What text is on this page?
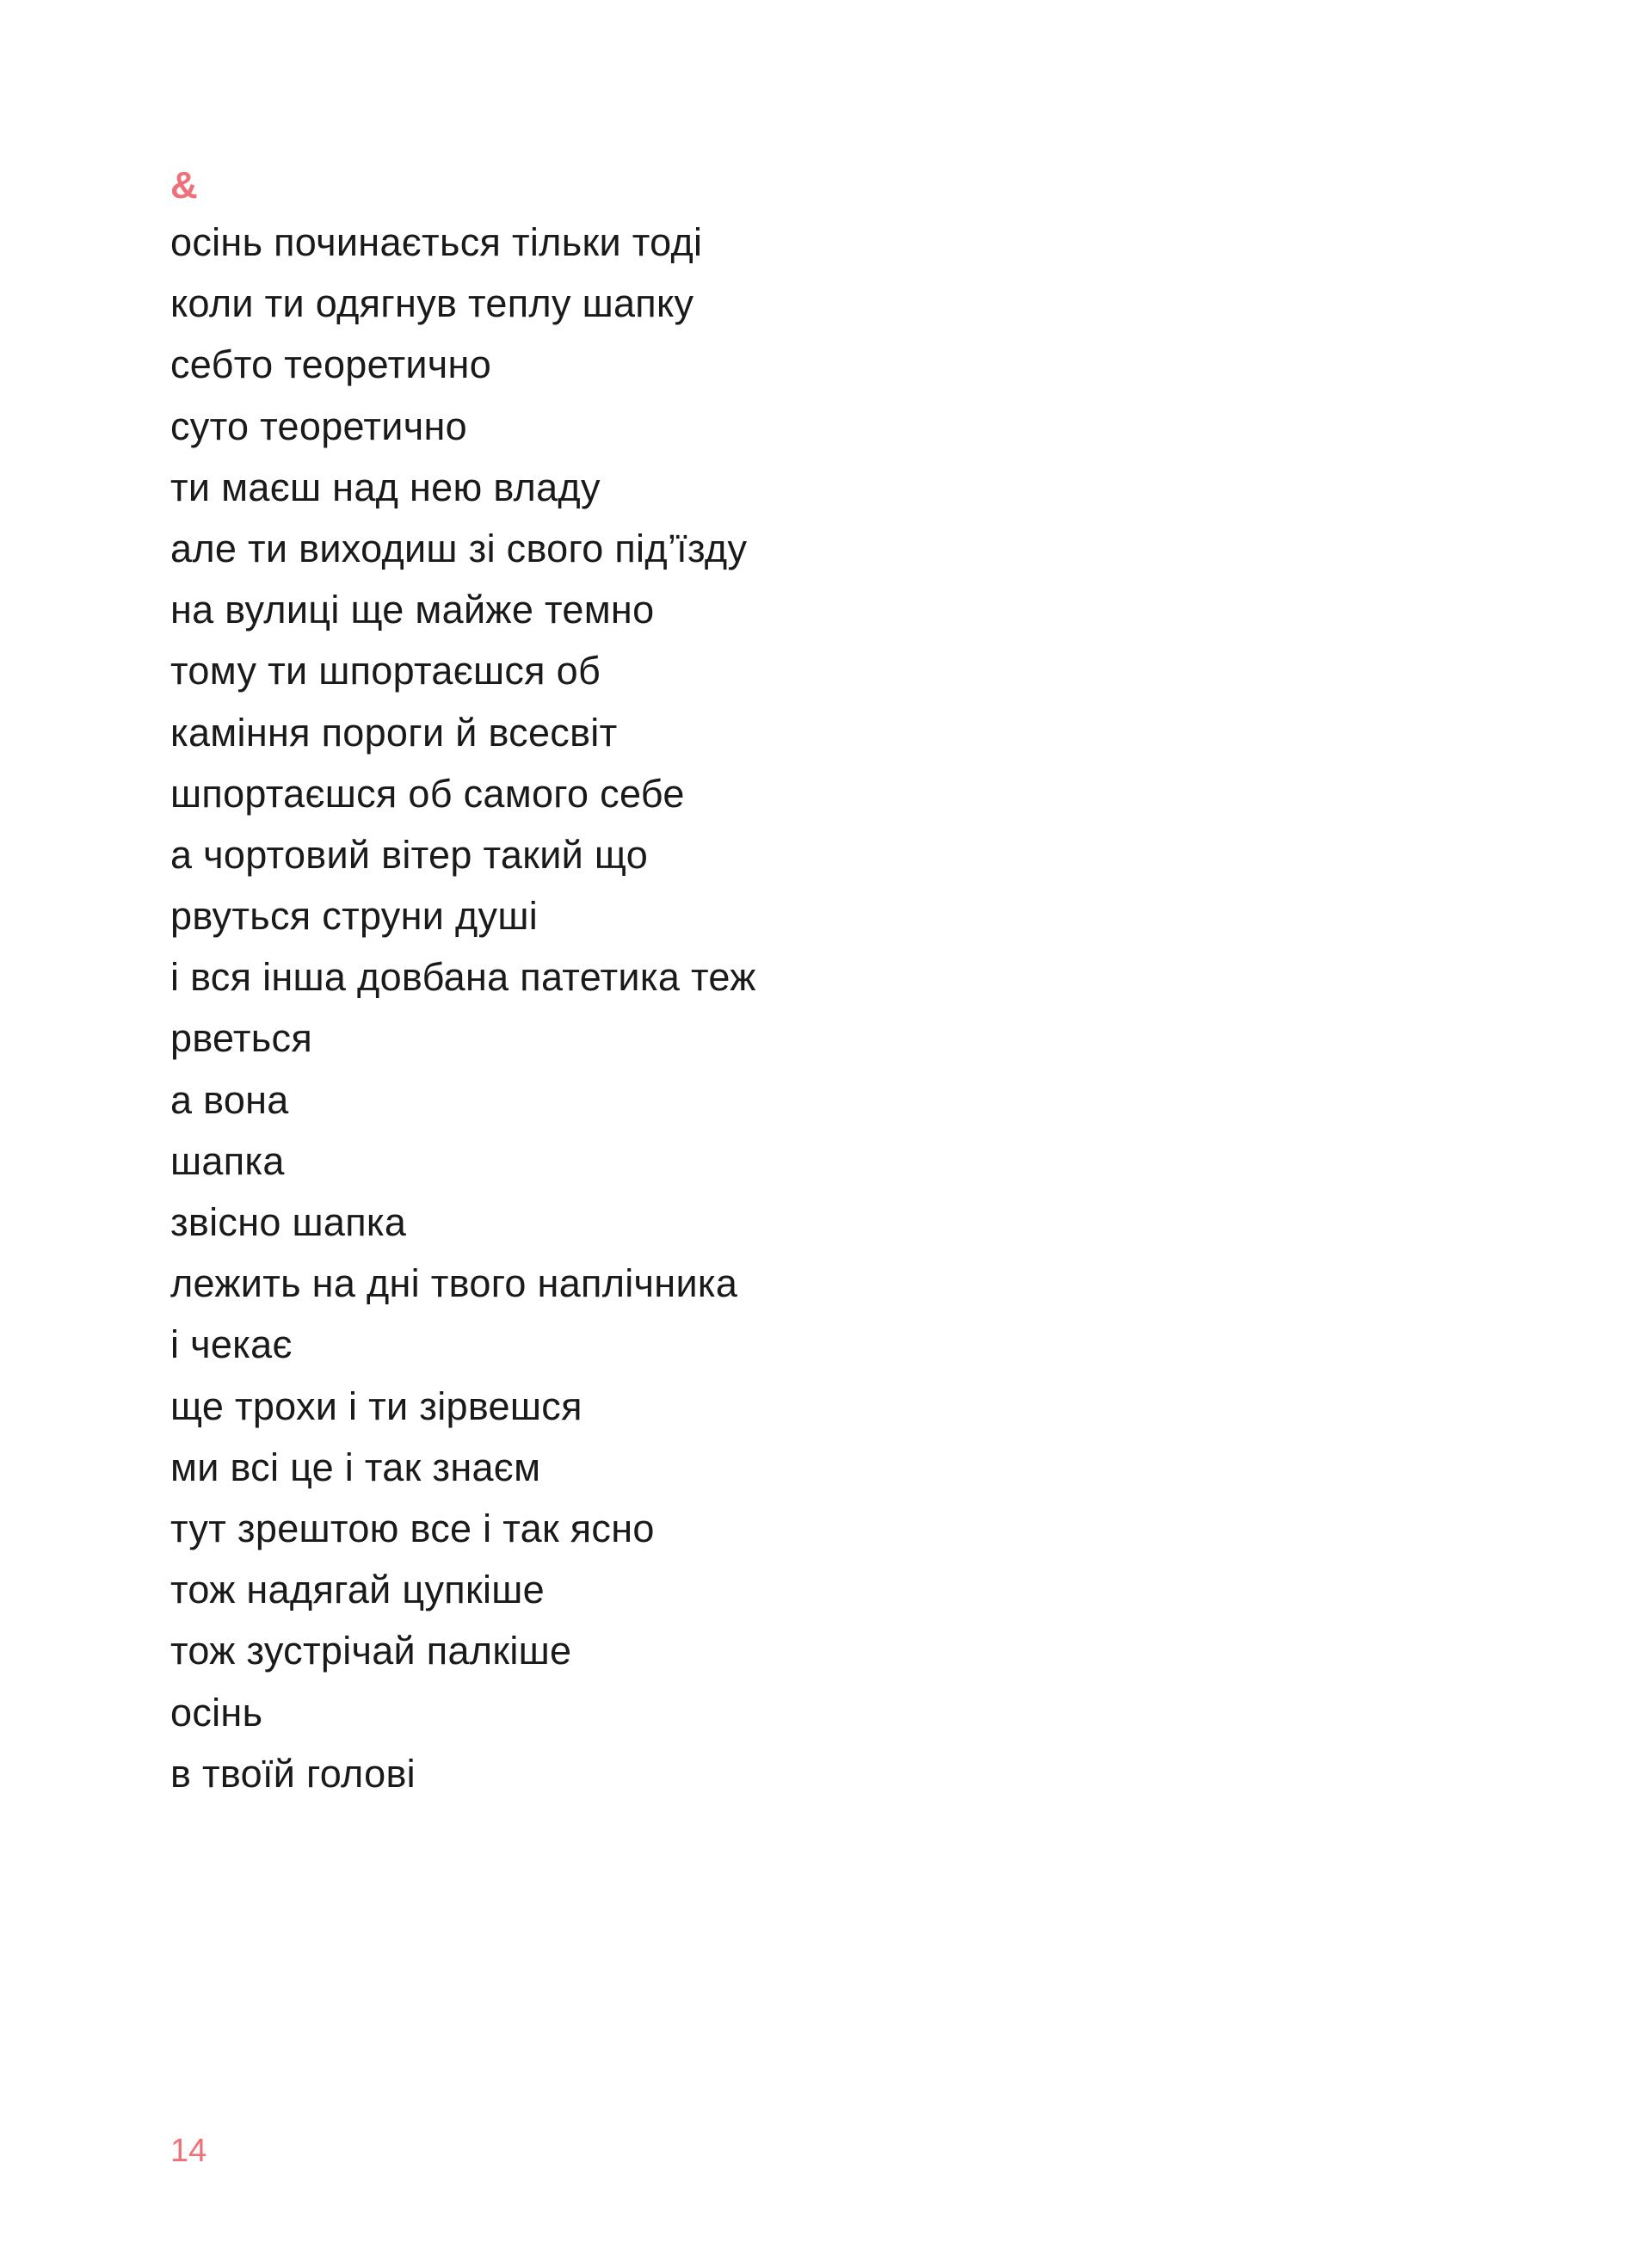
&
осінь починається тільки тоді
коли ти одягнув теплу шапку
себто теоретично
суто теоретично
ти маєш над нею владу
але ти виходиш зі свого під’їзду
на вулиці ще майже темно
тому ти шпортаєшся об
каміння пороги й всесвіт
шпортаєшся об самого себе
а чортовий вітер такий що
рвуться струни душі
і вся інша довбана патетика теж
рветься
а вона
шапка
звісно шапка
лежить на дні твого наплічника
і чекає
ще трохи і ти зірвешся
ми всі це і так знаєм
тут зрештою все і так ясно
тож надягай цупкіше
тож зустрічай палкіше
осінь
в твоїй голові
14
